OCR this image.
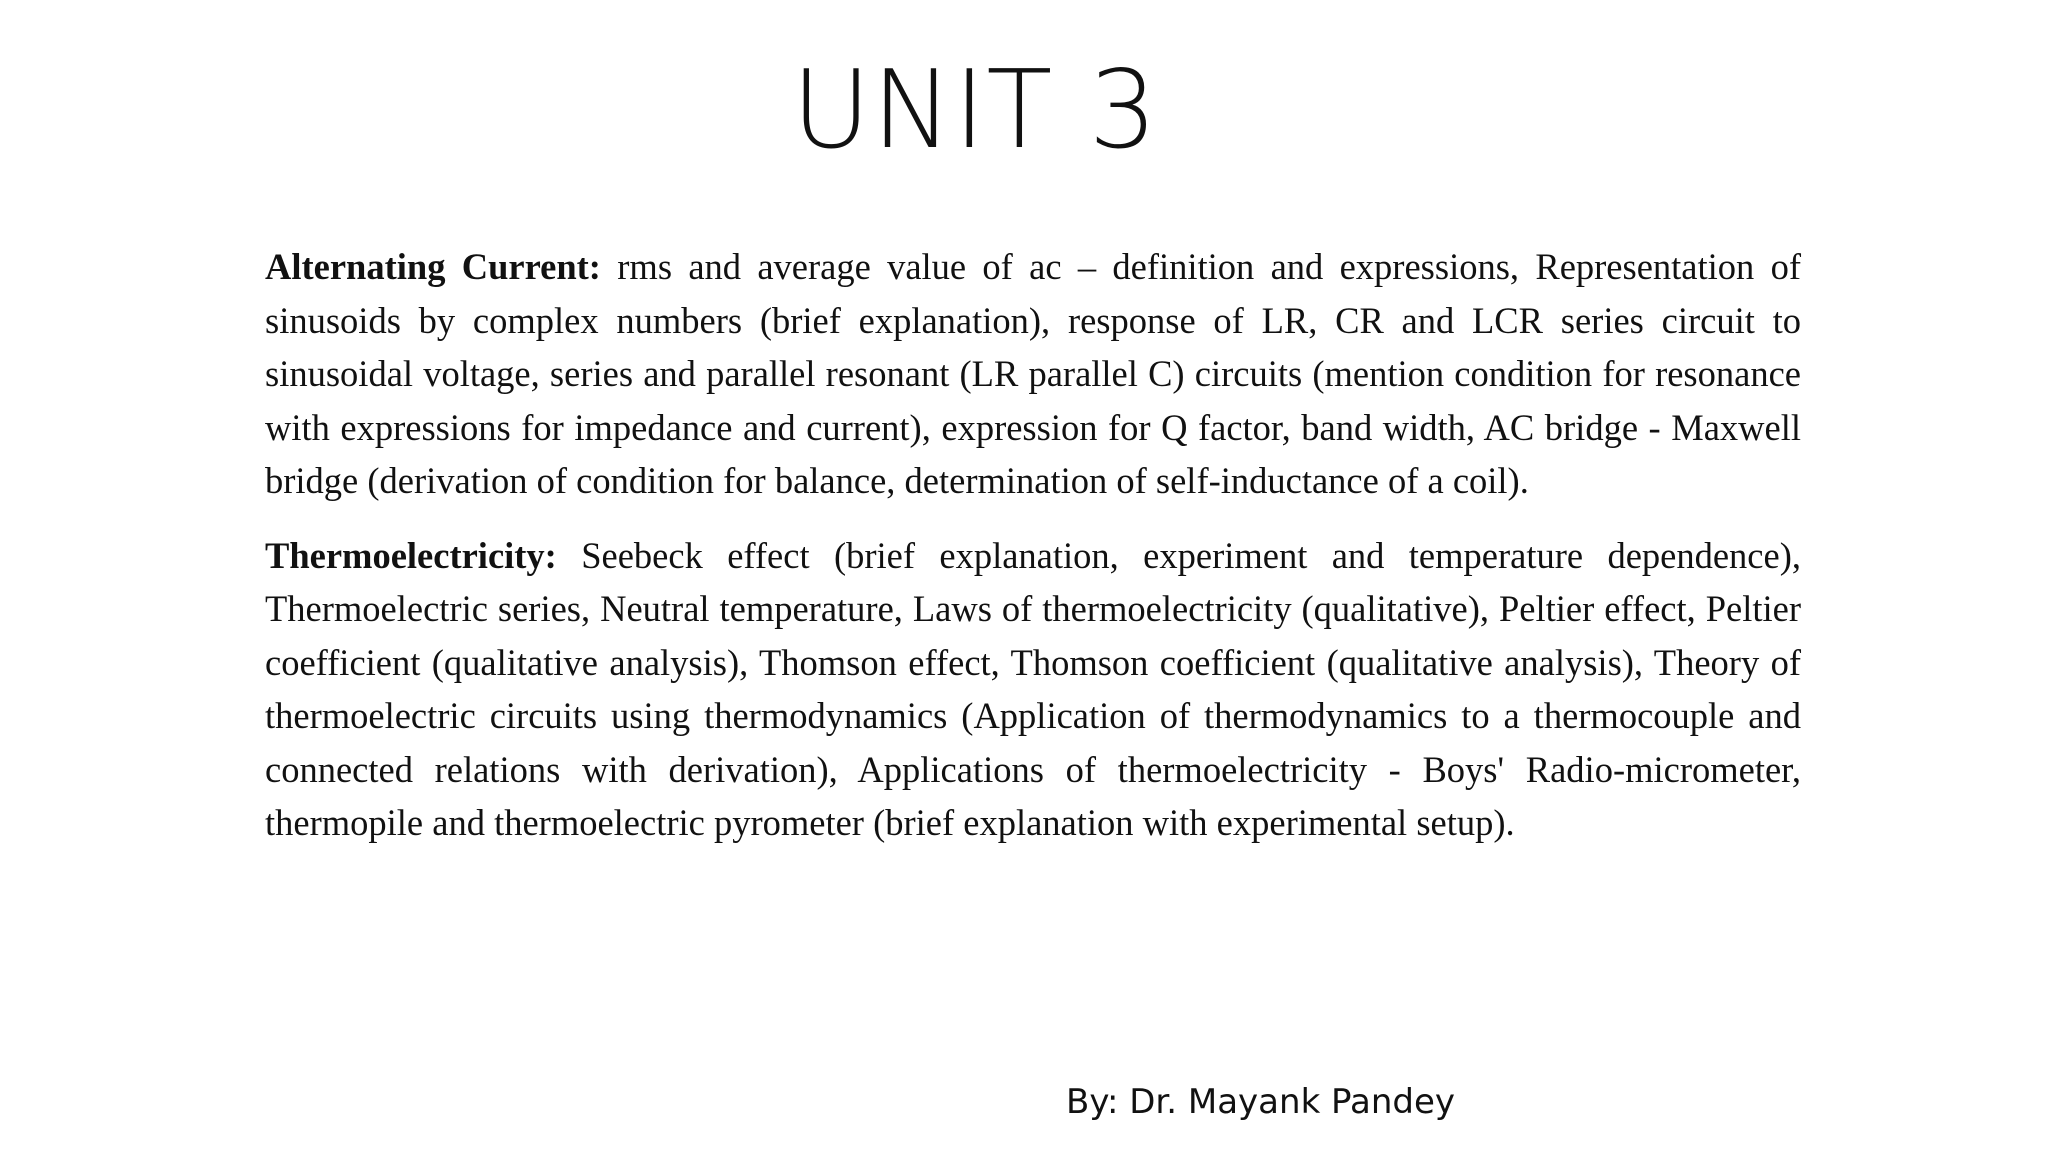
UNIT 3

Alternating Current: rms and average value of ac – definition and expressions, Representation of sinusoids by complex numbers (brief explanation), response of LR, CR and LCR series circuit to sinusoidal voltage, series and parallel resonant (LR parallel C) circuits (mention condition for resonance with expressions for impedance and current), expression for Q factor, band width, AC bridge - Maxwell bridge (derivation of condition for balance, determination of self-inductance of a coil).

Thermoelectricity: Seebeck effect (brief explanation, experiment and temperature dependence), Thermoelectric series, Neutral temperature, Laws of thermoelectricity (qualitative), Peltier effect, Peltier coefficient (qualitative analysis), Thomson effect, Thomson coefficient (qualitative analysis), Theory of thermoelectric circuits using thermodynamics (Application of thermodynamics to a thermocouple and connected relations with derivation), Applications of thermoelectricity - Boys' Radio-micrometer, thermopile and thermoelectric pyrometer (brief explanation with experimental setup).

By: Dr. Mayank Pandey
